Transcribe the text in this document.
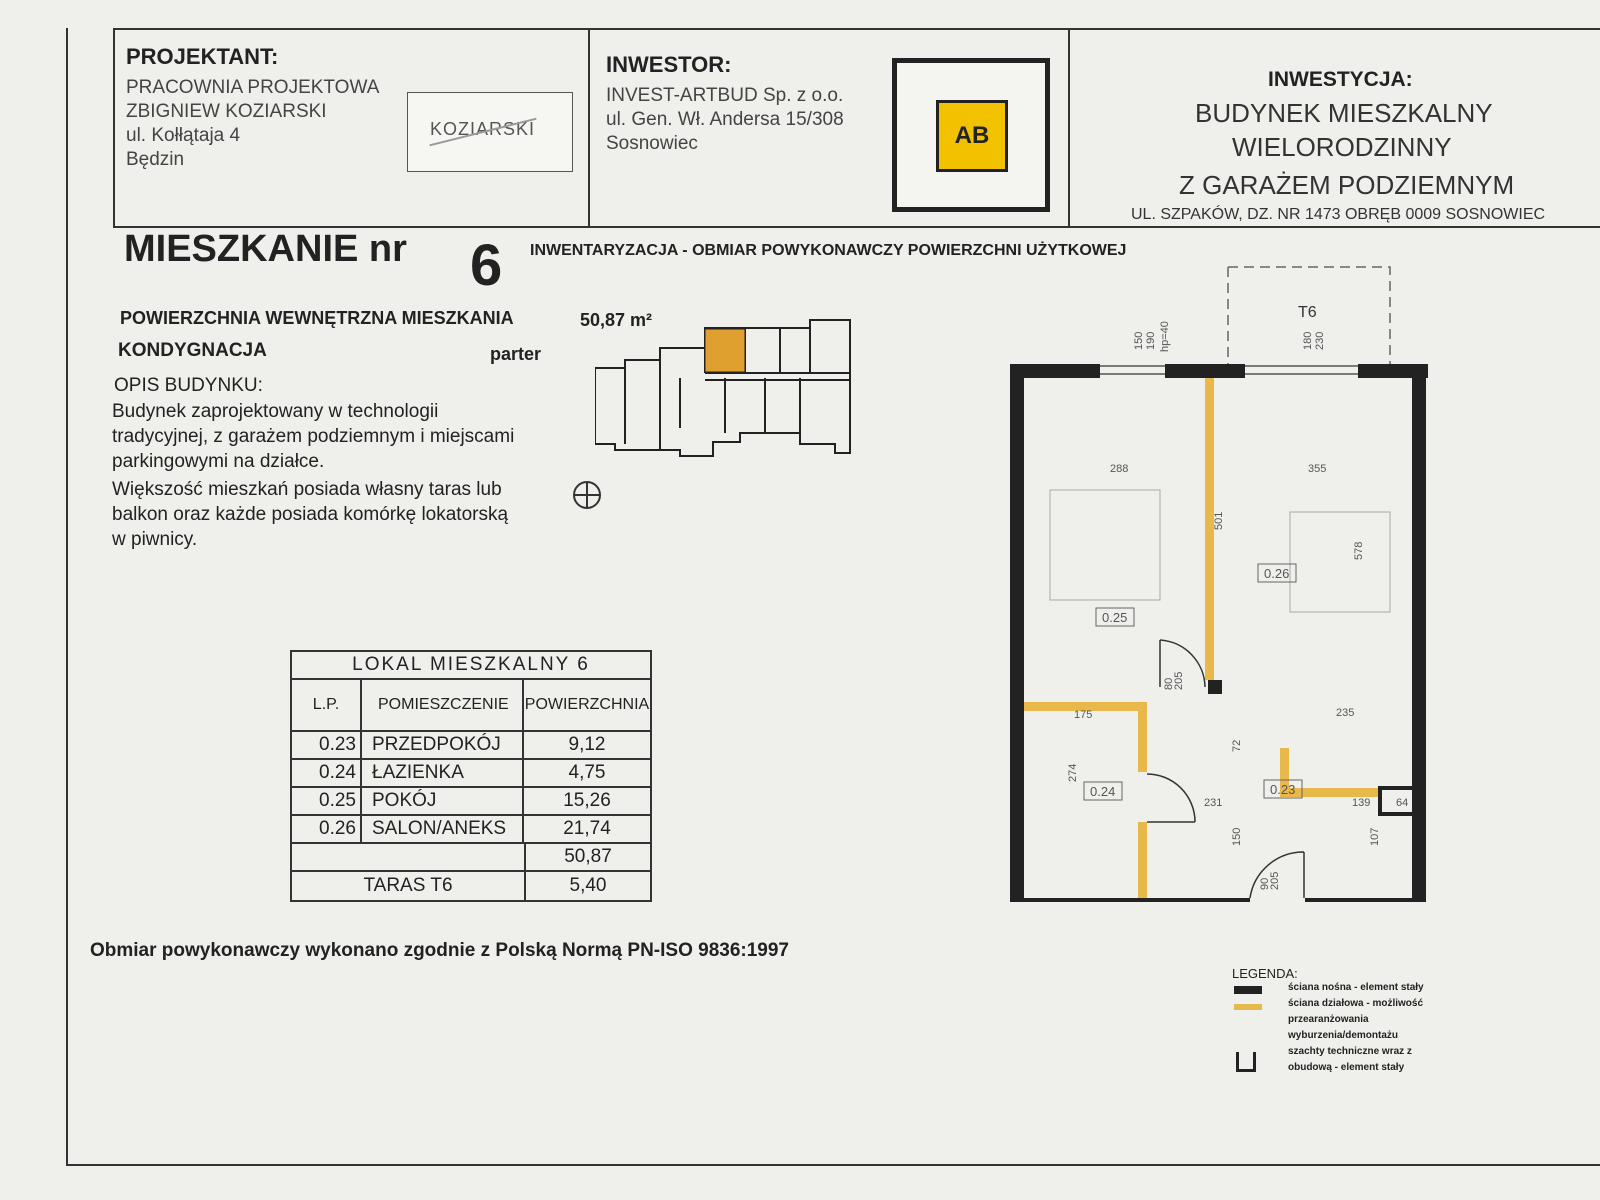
PROJEKTANT:
PRACOWNIA PROJEKTOWA
ZBIGNIEW KOZIARSKI
ul. Kołłątaja 4
Będzin
KOZIARSKI
INWESTOR:
INVEST-ARTBUD Sp. z o.o.
ul. Gen. Wł. Andersa 15/308
Sosnowiec	AB
INWESTYCJA:
BUDYNEK MIESZKALNY
WIELORODZINNY
Z GARAŻEM PODZIEMNYM
UL. SZPAKÓW, DZ. NR 1473 OBRĘB 0009 SOSNOWIEC
MIESZKANIE nr 6 INWENTARYZACJA - OBMIAR POWYKONAWCZY POWIERZCHNI UŻYTKOWEJ
POWIERZCHNIA WEWNĘTRZNA MIESZKANIA	50,87 m²
KONDYGNACJA	parter
OPIS BUDYNKU:
Budynek zaprojektowany w technologii
tradycyjnej, z garażem podziemnym i miejscami
parkingowymi na działce.
Większość mieszkań posiada własny taras lub
balkon oraz każde posiada komórkę lokatorską
w piwnicy.
LOKAL MIESZKALNY 6
L.P.	POMIESZCZENIE	POWIERZCHNIA
0.23 PRZEDPOKÓJ	9,12
0.24 ŁAZIENKA	4,75
0.25 POKÓJ	15,26
0.26 SALON/ANEKS	21,74
50,87
TARAS T6	5,40
Obmiar powykonawczy wykonano zgodnie z Polską Normą PN-ISO 9836:1997
T6
0.25
0.26
0.24	0.23
150 190 hp=40	180 230
288	355
501
578
175	235
274
72
231
150	107
64
139
80
205
90
205
LEGENDA:
ściana nośna - element stały
ściana działowa - możliwość
przearanżowania
wyburzenia/demontażu
szachty techniczne wraz z
obudową - element stały
